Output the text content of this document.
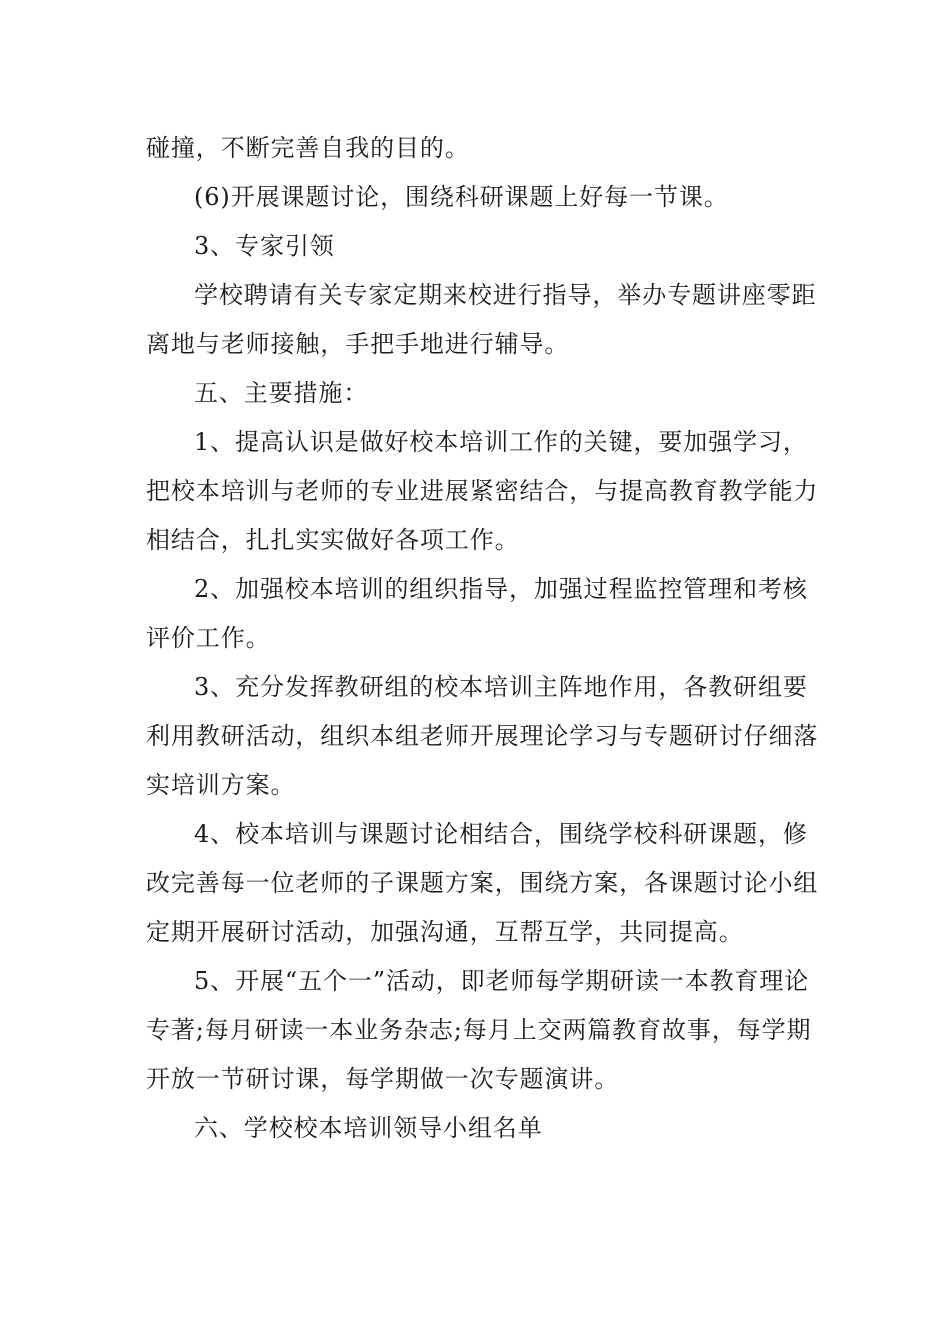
碰撞，不断完善自我的目的。

(6)开展课题讨论，围绕科研课题上好每一节课。

3、专家引领

学校聘请有关专家定期来校进行指导，举办专题讲座零距离地与老师接触，手把手地进行辅导。

五、主要措施：

1、提高认识是做好校本培训工作的关键，要加强学习，把校本培训与老师的专业进展紧密结合，与提高教育教学能力相结合，扎扎实实做好各项工作。

2、加强校本培训的组织指导，加强过程监控管理和考核评价工作。

3、充分发挥教研组的校本培训主阵地作用，各教研组要利用教研活动，组织本组老师开展理论学习与专题研讨仔细落实培训方案。

4、校本培训与课题讨论相结合，围绕学校科研课题，修改完善每一位老师的子课题方案，围绕方案，各课题讨论小组定期开展研讨活动，加强沟通，互帮互学，共同提高。

5、开展“五个一”活动，即老师每学期研读一本教育理论专著;每月研读一本业务杂志;每月上交两篇教育故事，每学期开放一节研讨课，每学期做一次专题演讲。

六、学校校本培训领导小组名单
